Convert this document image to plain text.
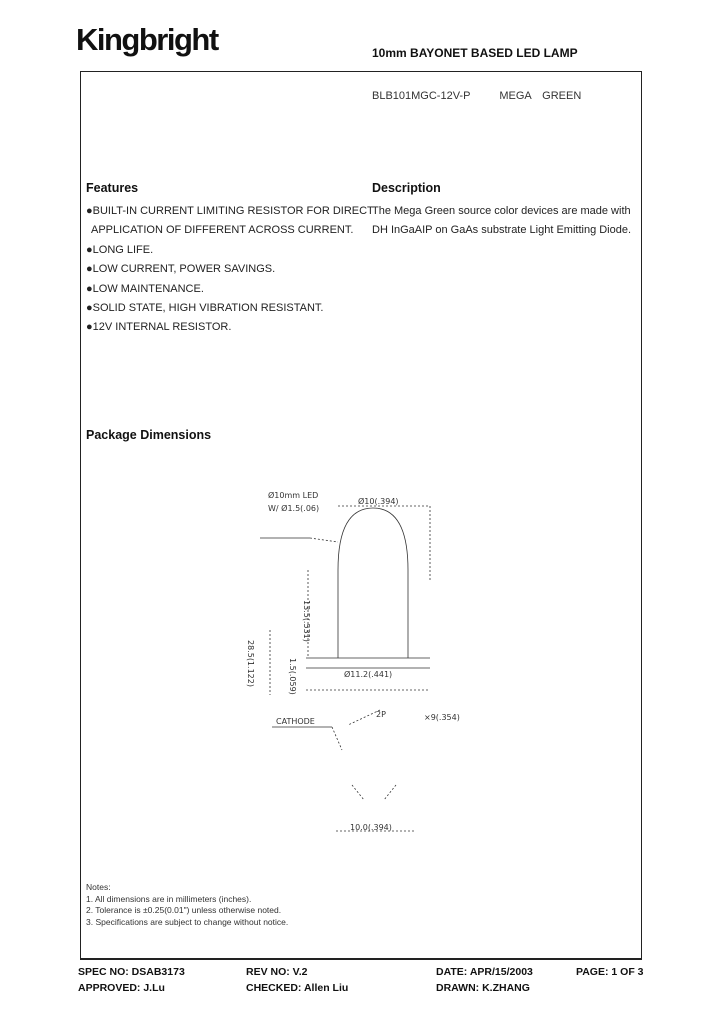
Kingbright	10mm BAYONET BASED LED LAMP
BLB101MGC-12V-P	MEGA GREEN
Features	Description
●BUILT-IN CURRENT LIMITING RESISTOR FOR DIRECT
APPLICATION OF DIFFERENT ACROSS CURRENT.
●LONG LIFE.
●LOW CURRENT, POWER SAVINGS.
●LOW MAINTENANCE.
●SOLID STATE, HIGH VIBRATION RESISTANT.
●12V INTERNAL RESISTOR.
The Mega Green source color devices are made with
DH InGaAIP on GaAs substrate Light Emitting Diode.
Package Dimensions
Ø10mm LED
W/ Ø1.5(.06)
Ø10(.394)
13.5(.531)
28.5(1.122)	1.5(.059)	Ø11.2(.441)
CATHODE
2P	×9(.354)
10.0(.394)
Notes:
1. All dimensions are in millimeters (inches).
2. Tolerance is ±0.25(0.01") unless otherwise noted.
3. Specifications are subject to change without notice.
SPEC NO: DSAB3173	REV NO: V.2	DATE: APR/15/2003	PAGE: 1 OF 3
APPROVED: J.Lu	CHECKED: Allen Liu	DRAWN: K.ZHANG
